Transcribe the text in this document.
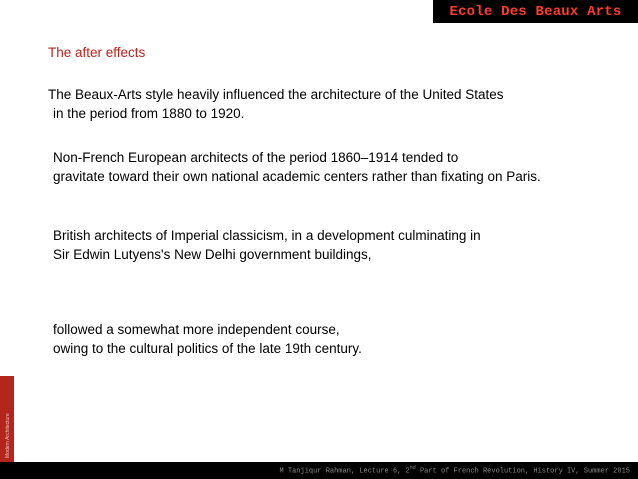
Ecole Des Beaux Arts
The after effects
The Beaux-Arts style heavily influenced the architecture of the United States
in the period from 1880 to 1920.
Non-French European architects of the period 1860–1914 tended to
gravitate toward their own national academic centers rather than fixating on Paris.
British architects of Imperial classicism, in a development culminating in
Sir Edwin Lutyens's New Delhi government buildings,
followed a somewhat more independent course,
owing to the cultural politics of the late 19th century.
Modern Architecture
M Tanjiqur Rahman, Lecture 6, 2nd Part of French Revolution, History IV, Summer 2015
